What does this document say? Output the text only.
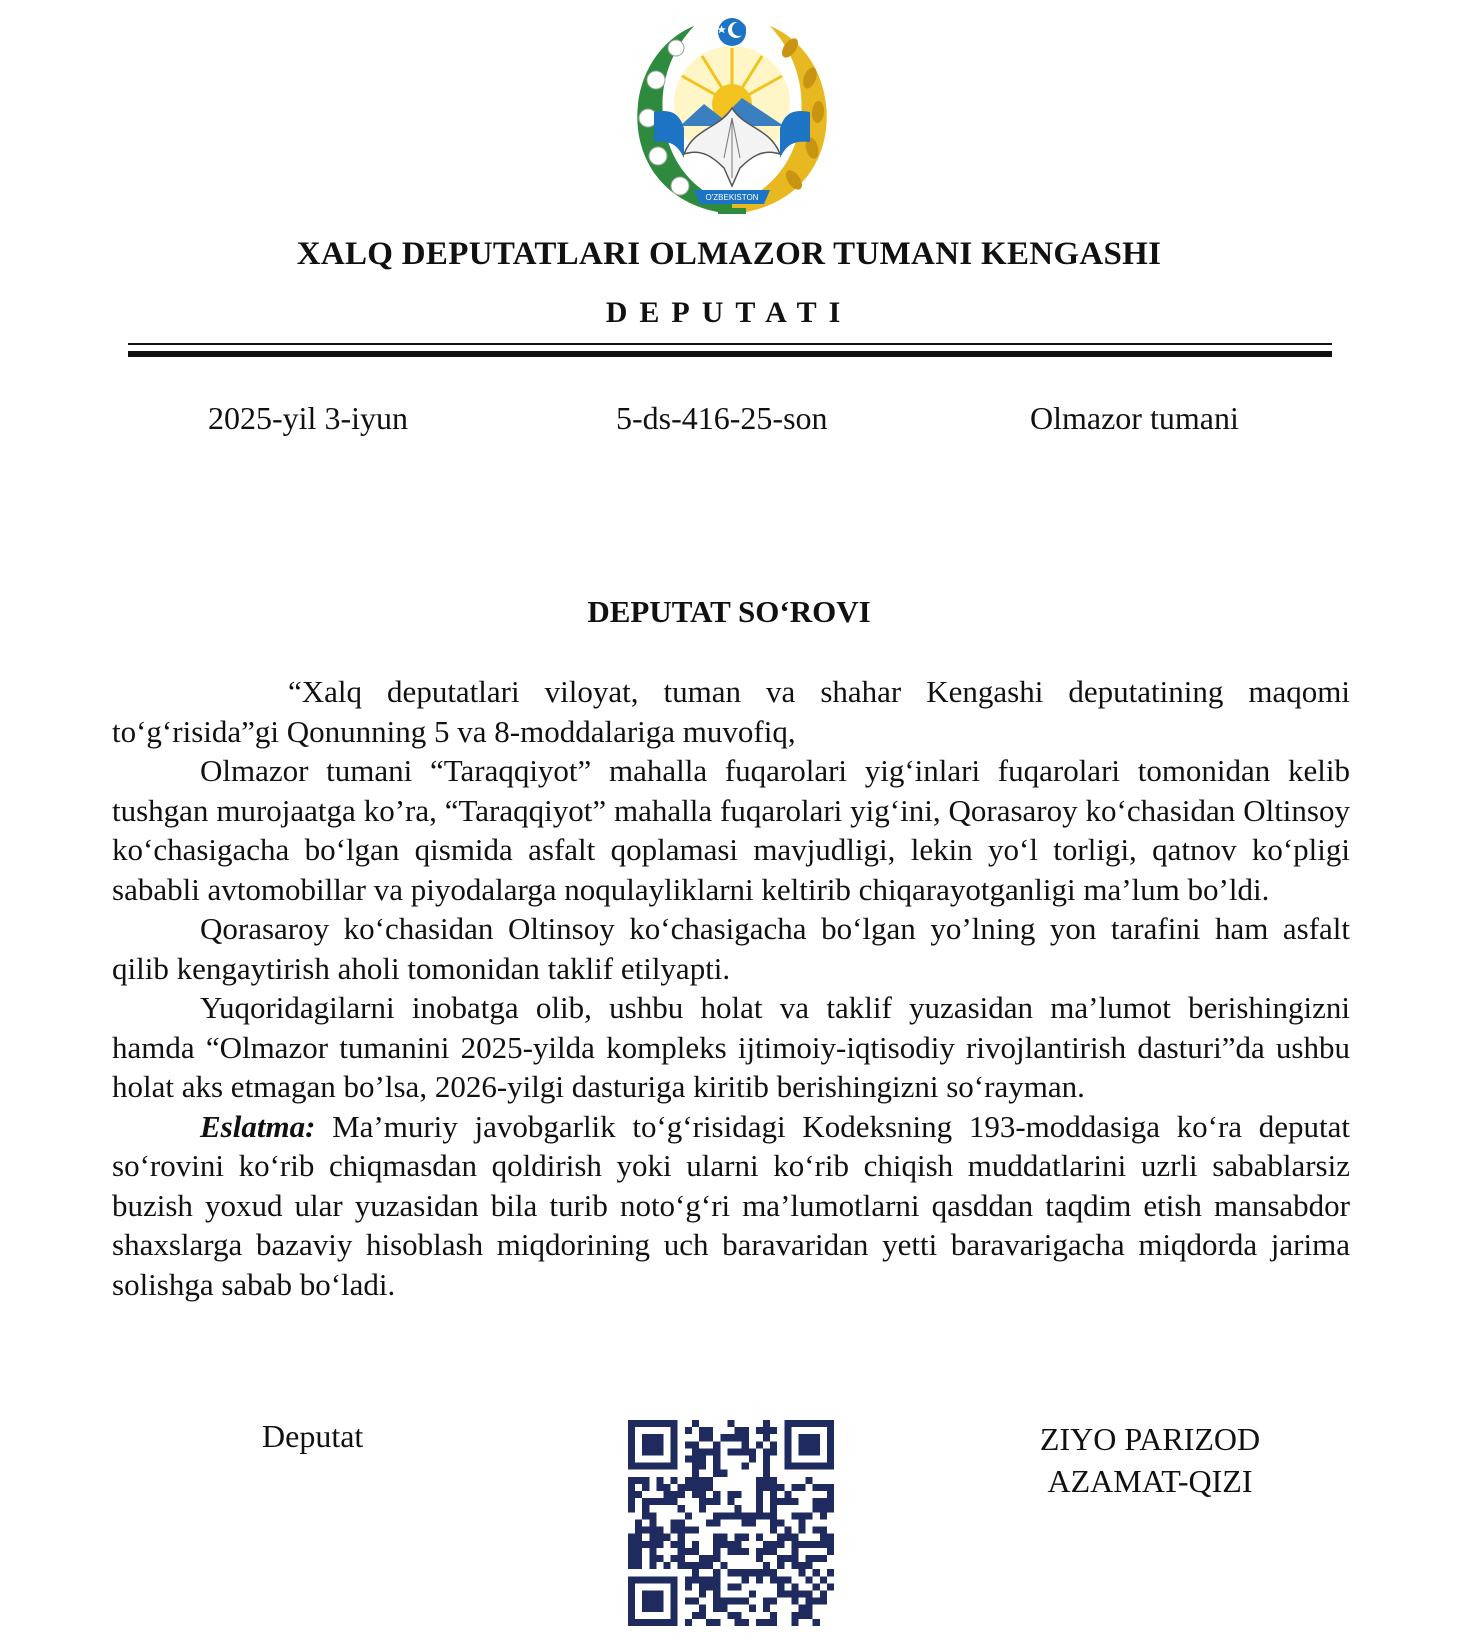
O'ZBEKISTON
XALQ DEPUTATLARI OLMAZOR TUMANI KENGASHI
DEPUTATI
2025-yil 3-iyun	5-ds-416-25-son	Olmazor tumani
DEPUTAT SO‘ROVI

“Xalq deputatlari viloyat, tuman va shahar Kengashi deputatining maqomi to‘g‘risida”gi Qonunning 5 va 8-moddalariga muvofiq,

Olmazor tumani “Taraqqiyot” mahalla fuqarolari yig‘inlari fuqarolari tomonidan kelib tushgan murojaatga ko’ra, “Taraqqiyot” mahalla fuqarolari yig‘ini, Qorasaroy ko‘chasidan Oltinsoy ko‘chasigacha bo‘lgan qismida asfalt qoplamasi mavjudligi, lekin yo‘l torligi, qatnov ko‘pligi sababli avtomobillar va piyodalarga noqulayliklarni keltirib chiqarayotganligi ma’lum bo’ldi.

Qorasaroy ko‘chasidan Oltinsoy ko‘chasigacha bo‘lgan yo’lning yon tarafini ham asfalt qilib kengaytirish aholi tomonidan taklif etilyapti.

Yuqoridagilarni inobatga olib, ushbu holat va taklif yuzasidan ma’lumot berishingizni hamda “Olmazor tumanini 2025-yilda kompleks ijtimoiy-iqtisodiy rivojlantirish dasturi”da ushbu holat aks etmagan bo’lsa, 2026-yilgi dasturiga kiritib berishingizni so‘rayman.

Eslatma: Ma’muriy javobgarlik to‘g‘risidagi Kodeksning 193-moddasiga ko‘ra deputat so‘rovini ko‘rib chiqmasdan qoldirish yoki ularni ko‘rib chiqish muddatlarini uzrli sabablarsiz buzish yoxud ular yuzasidan bila turib noto‘g‘ri ma’lumotlarni qasddan taqdim etish mansabdor shaxslarga bazaviy hisoblash miqdorining uch baravaridan yetti baravarigacha miqdorda jarima solishga sabab bo‘ladi.

Deputat	ZIYO PARIZOD
AZAMAT-QIZI
